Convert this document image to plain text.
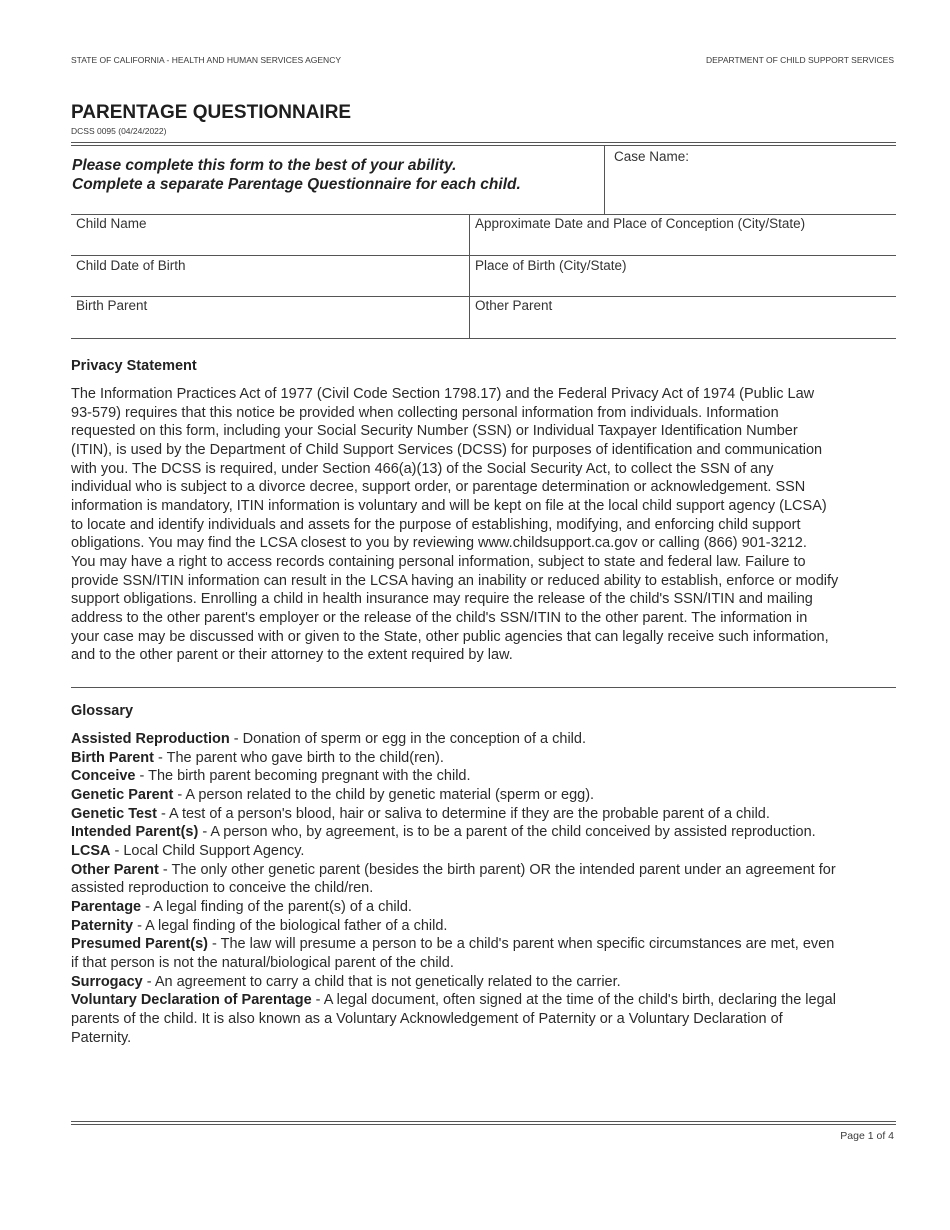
STATE OF CALIFORNIA - HEALTH AND HUMAN SERVICES AGENCY	DEPARTMENT OF CHILD SUPPORT SERVICES
PARENTAGE QUESTIONNAIRE
DCSS 0095 (04/24/2022)
Please complete this form to the best of your ability.
Complete a separate Parentage Questionnaire for each child.
Case Name:
Child Name	Approximate Date and Place of Conception (City/State)
Child Date of Birth	Place of Birth (City/State)
Birth Parent	Other Parent
Privacy Statement
The Information Practices Act of 1977 (Civil Code Section 1798.17) and the Federal Privacy Act of 1974 (Public Law
93-579) requires that this notice be provided when collecting personal information from individuals. Information
requested on this form, including your Social Security Number (SSN) or Individual Taxpayer Identification Number
(ITIN), is used by the Department of Child Support Services (DCSS) for purposes of identification and communication
with you. The DCSS is required, under Section 466(a)(13) of the Social Security Act, to collect the SSN of any
individual who is subject to a divorce decree, support order, or parentage determination or acknowledgement. SSN
information is mandatory, ITIN information is voluntary and will be kept on file at the local child support agency (LCSA)
to locate and identify individuals and assets for the purpose of establishing, modifying, and enforcing child support
obligations. You may find the LCSA closest to you by reviewing www.childsupport.ca.gov or calling (866) 901-3212.
You may have a right to access records containing personal information, subject to state and federal law. Failure to
provide SSN/ITIN information can result in the LCSA having an inability or reduced ability to establish, enforce or modify
support obligations. Enrolling a child in health insurance may require the release of the child's SSN/ITIN and mailing
address to the other parent's employer or the release of the child's SSN/ITIN to the other parent. The information in
your case may be discussed with or given to the State, other public agencies that can legally receive such information,
and to the other parent or their attorney to the extent required by law.
Glossary
Assisted Reproduction - Donation of sperm or egg in the conception of a child.
Birth Parent - The parent who gave birth to the child(ren).
Conceive - The birth parent becoming pregnant with the child.
Genetic Parent - A person related to the child by genetic material (sperm or egg).
Genetic Test - A test of a person's blood, hair or saliva to determine if they are the probable parent of a child.
Intended Parent(s) - A person who, by agreement, is to be a parent of the child conceived by assisted reproduction.
LCSA - Local Child Support Agency.
Other Parent - The only other genetic parent (besides the birth parent) OR the intended parent under an agreement for
assisted reproduction to conceive the child/ren.
Parentage - A legal finding of the parent(s) of a child.
Paternity - A legal finding of the biological father of a child.
Presumed Parent(s) - The law will presume a person to be a child's parent when specific circumstances are met, even
if that person is not the natural/biological parent of the child.
Surrogacy - An agreement to carry a child that is not genetically related to the carrier.
Voluntary Declaration of Parentage - A legal document, often signed at the time of the child's birth, declaring the legal
parents of the child. It is also known as a Voluntary Acknowledgement of Paternity or a Voluntary Declaration of
Paternity.
Page 1 of 4
